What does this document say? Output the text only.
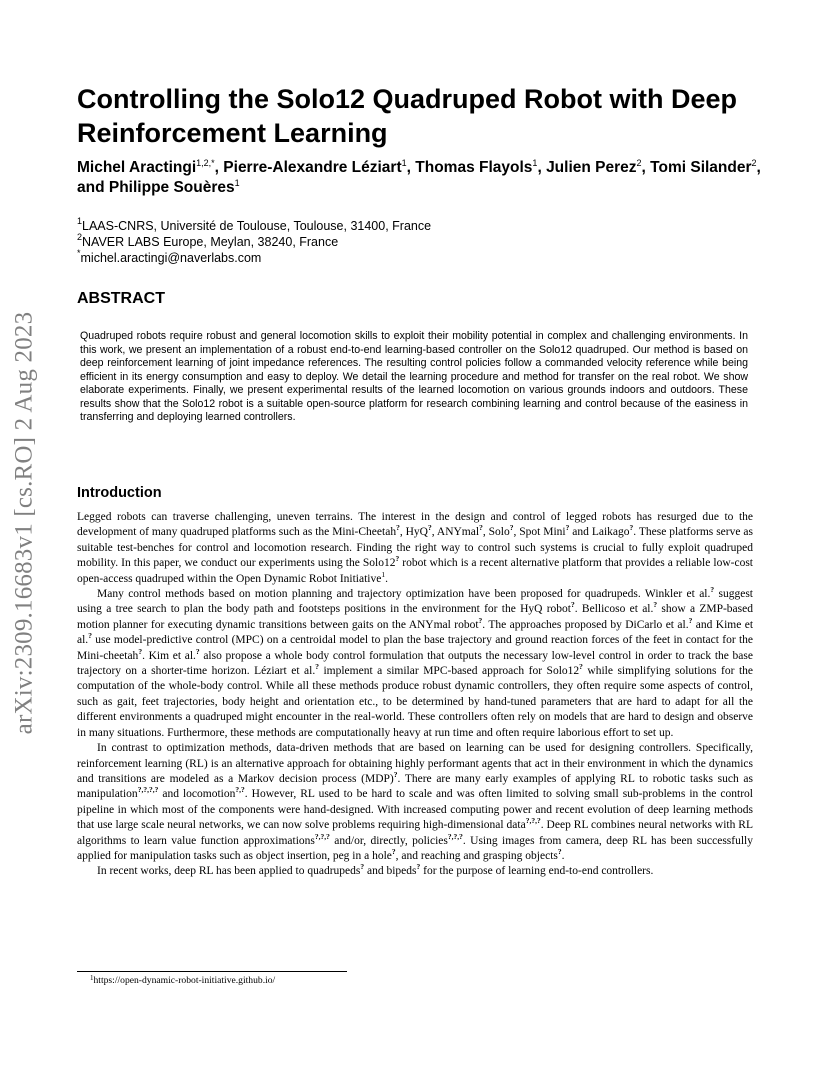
arXiv:2309.16683v1 [cs.RO] 2 Aug 2023
Controlling the Solo12 Quadruped Robot with Deep Reinforcement Learning
Michel Aractingi$^{1,2,*}$, Pierre-Alexandre Léziart$^1$, Thomas Flayols$^1$, Julien Perez$^2$, Tomi Silander$^2$, and Philippe Souères$^1$
$^1$LAAS-CNRS, Université de Toulouse, Toulouse, 31400, France
$^2$NAVER LABS Europe, Meylan, 38240, France
*michel.aractingi@naverlabs.com
ABSTRACT

Quadruped robots require robust and general locomotion skills to exploit their mobility potential in complex and challenging environments. In this work, we present an implementation of a robust end-to-end learning-based controller on the Solo12 quadruped. Our method is based on deep reinforcement learning of joint impedance references. The resulting control policies follow a commanded velocity reference while being efficient in its energy consumption and easy to deploy. We detail the learning procedure and method for transfer on the real robot. We show elaborate experiments. Finally, we present experimental results of the learned locomotion on various grounds indoors and outdoors. These results show that the Solo12 robot is a suitable open-source platform for research combining learning and control because of the easiness in transferring and deploying learned controllers.

Introduction

Legged robots can traverse challenging, uneven terrains. The interest in the design and control of legged robots has resurged due to the development of many quadruped platforms such as the Mini-Cheetah?, HyQ?, ANYmal?, Solo?, Spot Mini? and Laikago?. These platforms serve as suitable test-benches for control and locomotion research. Finding the right way to control such systems is crucial to fully exploit quadruped mobility. In this paper, we conduct our experiments using the Solo12? robot which is a recent alternative platform that provides a reliable low-cost open-access quadruped within the Open Dynamic Robot Initiative$^1$.

Many control methods based on motion planning and trajectory optimization have been proposed for quadrupeds. Winkler et al.? suggest using a tree search to plan the body path and footsteps positions in the environment for the HyQ robot?. Bellicoso et al.? show a ZMP-based motion planner for executing dynamic transitions between gaits on the ANYmal robot?. The approaches proposed by DiCarlo et al.? and Kime et al.? use model-predictive control (MPC) on a centroidal model to plan the base trajectory and ground reaction forces of the feet in contact for the Mini-cheetah?. Kim et al.? also propose a whole body control formulation that outputs the necessary low-level control in order to track the base trajectory on a shorter-time horizon. Léziart et al.? implement a similar MPC-based approach for Solo12? while simplifying solutions for the computation of the whole-body control. While all these methods produce robust dynamic controllers, they often require some aspects of control, such as gait, feet trajectories, body height and orientation etc., to be determined by hand-tuned parameters that are hard to adapt for all the different environments a quadruped might encounter in the real-world. These controllers often rely on models that are hard to design and observe in many situations. Furthermore, these methods are computationally heavy at run time and often require laborious effort to set up.

In contrast to optimization methods, data-driven methods that are based on learning can be used for designing controllers. Specifically, reinforcement learning (RL) is an alternative approach for obtaining highly performant agents that act in their environment in which the dynamics and transitions are modeled as a Markov decision process (MDP)?. There are many early examples of applying RL to robotic tasks such as manipulation?,?,?,? and locomotion?,?. However, RL used to be hard to scale and was often limited to solving small sub-problems in the control pipeline in which most of the components were hand-designed. With increased computing power and recent evolution of deep learning methods that use large scale neural networks, we can now solve problems requiring high-dimensional data?,?,?. Deep RL combines neural networks with RL algorithms to learn value function approximations?,?,? and/or, directly, policies?,?,?. Using images from camera, deep RL has been successfully applied for manipulation tasks such as object insertion, peg in a hole?, and reaching and grasping objects?.

In recent works, deep RL has been applied to quadrupeds? and bipeds? for the purpose of learning end-to-end controllers.

$^1$https://open-dynamic-robot-initiative.github.io/
